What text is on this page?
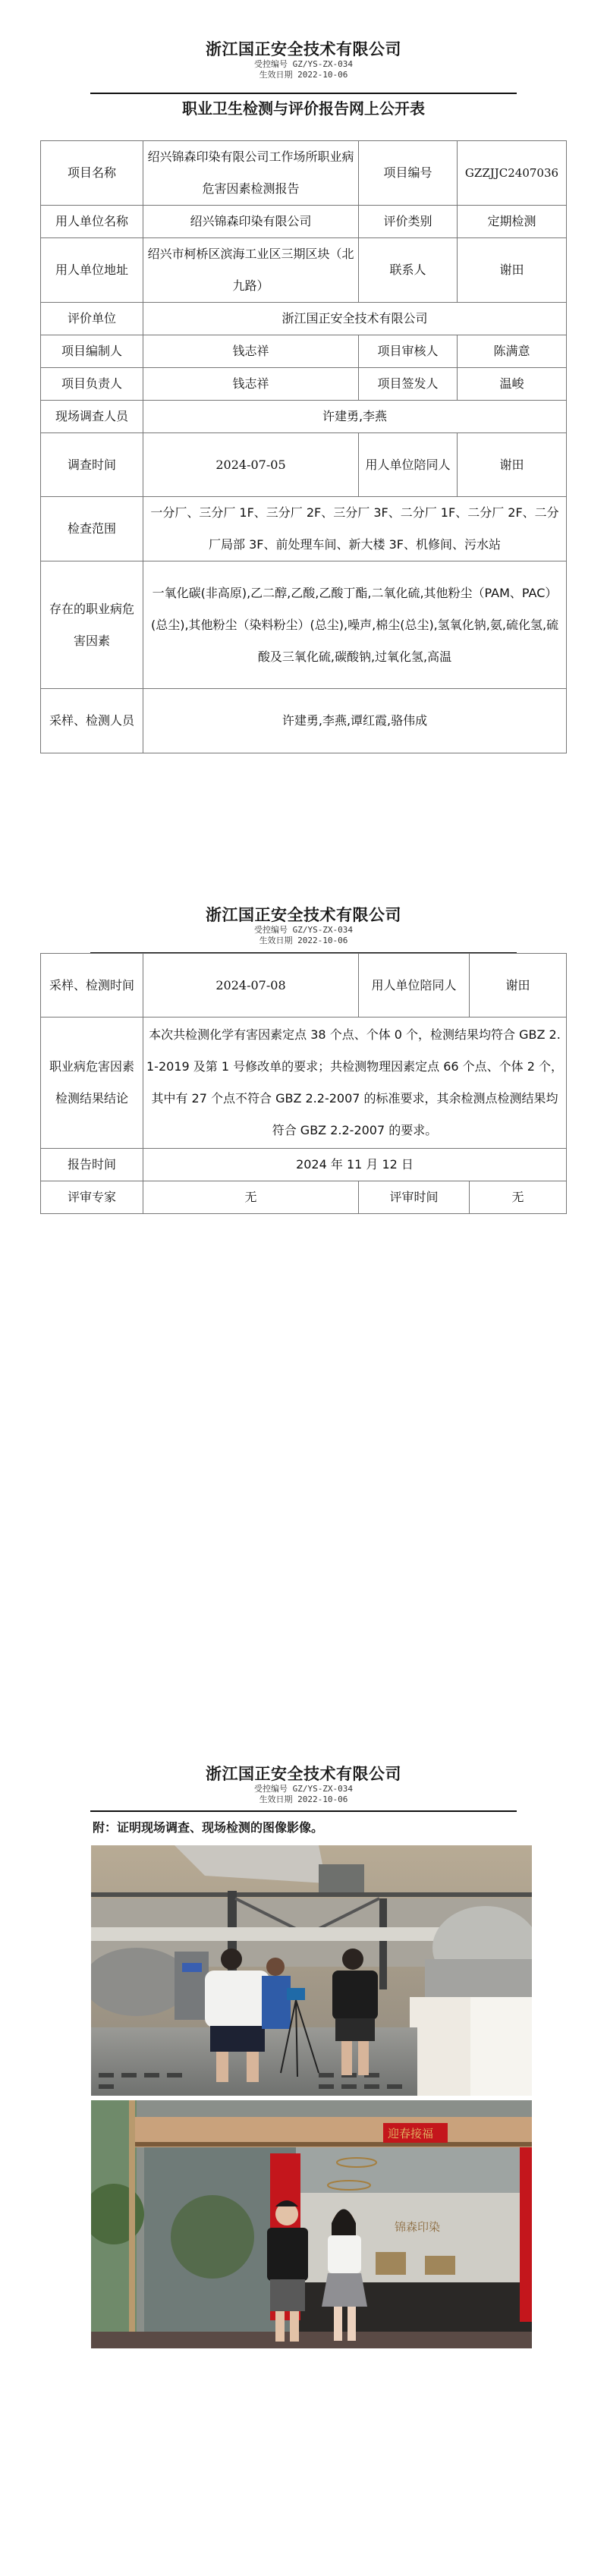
浙江国正安全技术有限公司
受控编号 GZ/YS-ZX-034
生效日期 2022-10-06
职业卫生检测与评价报告网上公开表
项目名称	绍兴锦森印染有限公司工作场所职业病危害因素检测报告	项目编号	GZZJJC2407036
用人单位名称	绍兴锦森印染有限公司	评价类别	定期检测
用人单位地址	绍兴市柯桥区滨海工业区三期区块（北九路）	联系人	谢田
评价单位	浙江国正安全技术有限公司		
项目编制人	钱志祥	项目审核人	陈满意
项目负责人	钱志祥	项目签发人	温峻
现场调查人员	许建勇,李燕		
调查时间	2024-07-05	用人单位陪同人	谢田
检查范围	一分厂、三分厂 1F、三分厂 2F、三分厂 3F、二分厂 1F、二分厂 2F、二分厂局部 3F、前处理车间、新大楼 3F、机修间、污水站		
存在的职业病危害因素	一氧化碳(非高原),乙二醇,乙酸,乙酸丁酯,二氧化硫,其他粉尘（PAM、PAC）(总尘),其他粉尘（染料粉尘）(总尘),噪声,棉尘(总尘),氢氧化钠,氨,硫化氢,硫酸及三氧化硫,碳酸钠,过氧化氢,高温		
采样、检测人员	许建勇,李燕,谭红霞,骆伟成		
浙江国正安全技术有限公司
受控编号 GZ/YS-ZX-034
生效日期 2022-10-06
采样、检测时间	2024-07-08	用人单位陪同人	谢田
职业病危害因素检测结果结论	本次共检测化学有害因素定点 38 个点、个体 0 个，检测结果均符合 GBZ 2.1-2019 及第 1 号修改单的要求；共检测物理因素定点 66 个点、个体 2 个，其中有 27 个点不符合 GBZ 2.2-2007 的标准要求，其余检测点检测结果均符合 GBZ 2.2-2007 的要求。		
报告时间	2024 年 11 月 12 日		
评审专家	无	评审时间	无
浙江国正安全技术有限公司
受控编号 GZ/YS-ZX-034
生效日期 2022-10-06
附：证明现场调查、现场检测的图像影像。
锦森印染
迎春接福
